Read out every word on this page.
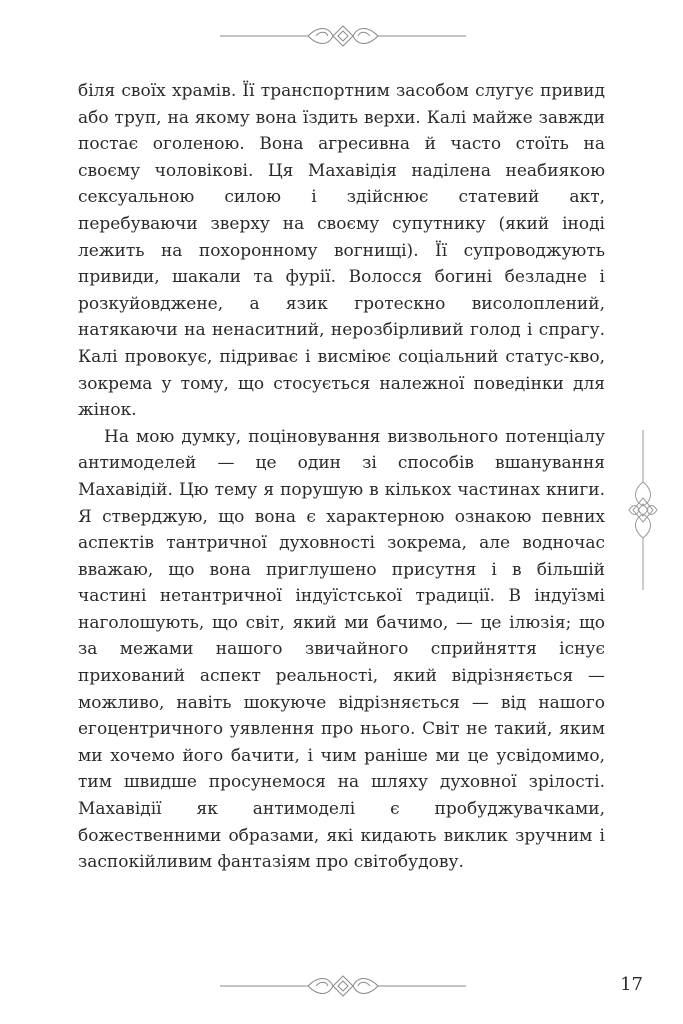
біля своїх храмів. Її транспортним засобом слугує привид або труп, на якому вона їздить верхи. Калі майже завжди постає оголеною. Вона агресивна й часто стоїть на своєму чоловікові. Ця Махавідія наділена неабиякою сексуальною силою і здійснює статевий акт, перебуваючи зверху на своєму супутнику (який іноді лежить на похоронному вогнищі). Її супроводжують привиди, шакали та фурії. Волосся богині безладне і розкуйовджене, а язик гротескно висолоплений, натякаючи на ненаситний, нерозбірливий голод і спрагу. Калі провокує, підриває і висміює соціальний статус-кво, зокрема у тому, що стосується належної поведінки для жінок.

На мою думку, поціновування визвольного потенціалу антимоделей — це один зі способів вшанування Махавідій. Цю тему я порушую в кількох частинах книги. Я стверджую, що вона є характерною ознакою певних аспектів тантричної духовності зокрема, але водночас вважаю, що вона приглушено присутня і в більшій частині нетантричної індуїстської традиції. В індуїзмі наголошують, що світ, який ми бачимо, — це ілюзія; що за межами нашого звичайного сприйняття існує прихований аспект реальності, який відрізняється — можливо, навіть шокуюче відрізняється — від нашого егоцентричного уявлення про нього. Світ не такий, яким ми хочемо його бачити, і чим раніше ми це усвідомимо, тим швидше просунемося на шляху духовної зрілості. Махавідії як антимоделі є пробуджувачками, божественними образами, які кидають виклик зручним і заспокійливим фантазіям про світобудову.

17
